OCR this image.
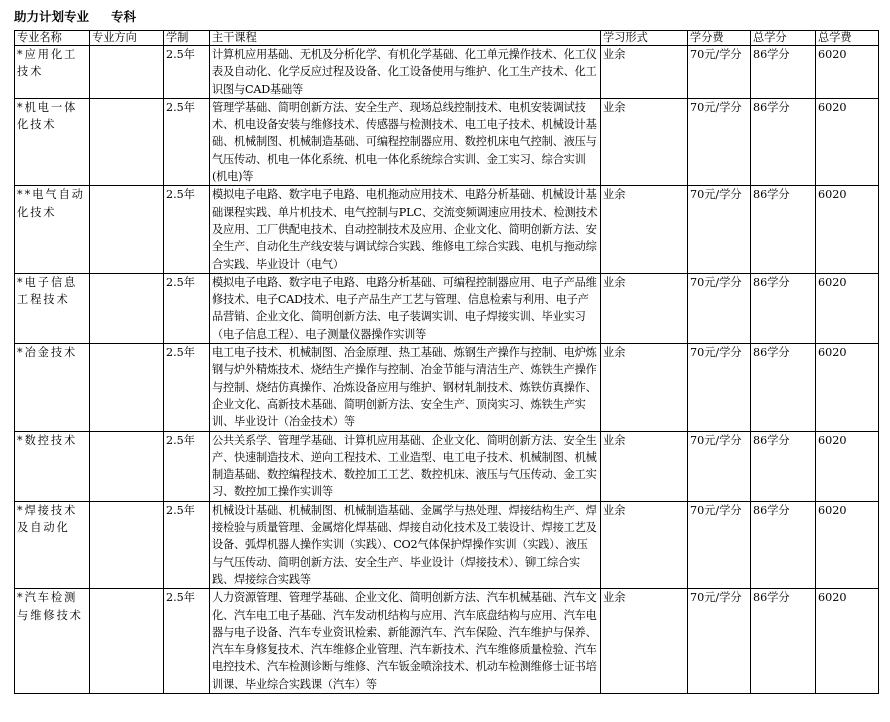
助力计划专业 专科
专业名称	专业方向	学制	主干课程	学习形式	学分费	总学分	总学费
*应用化工技术		2.5年	计算机应用基础、无机及分析化学、有机化学基础、化工单元操作技术、化工仪表及自动化、化学反应过程及设备、化工设备使用与维护、化工生产技术、化工识图与CAD基础等	业余	70元/学分	86学分	6020
*机电一体化技术		2.5年	管理学基础、简明创新方法、安全生产、现场总线控制技术、电机安装调试技术、机电设备安装与维修技术、传感器与检测技术、电工电子技术、机械设计基础、机械制图、机械制造基础、可编程控制器应用、数控机床电气控制、液压与气压传动、机电一体化系统、机电一体化系统综合实训、金工实习、综合实训(机电)等	业余	70元/学分	86学分	6020
**电气自动化技术		2.5年	模拟电子电路、数字电子电路、电机拖动应用技术、电路分析基础、机械设计基础课程实践、单片机技术、电气控制与PLC、交流变频调速应用技术、检测技术及应用、工厂供配电技术、自动控制技术及应用、企业文化、简明创新方法、安全生产、自动化生产线安装与调试综合实践、维修电工综合实践、电机与拖动综合实践、毕业设计（电气）	业余	70元/学分	86学分	6020
*电子信息工程技术		2.5年	模拟电子电路、数字电子电路、电路分析基础、可编程控制器应用、电子产品维修技术、电子CAD技术、电子产品生产工艺与管理、信息检索与利用、电子产品营销、企业文化、简明创新方法、电子装调实训、电子焊接实训、毕业实习（电子信息工程）、电子测量仪器操作实训等	业余	70元/学分	86学分	6020
*冶金技术		2.5年	电工电子技术、机械制图、冶金原理、热工基础、炼钢生产操作与控制、电炉炼钢与炉外精炼技术、烧结生产操作与控制、冶金节能与清洁生产、炼铁生产操作与控制、烧结仿真操作、冶炼设备应用与维护、钢材轧制技术、炼铁仿真操作、企业文化、高新技术基础、简明创新方法、安全生产、顶岗实习、炼铁生产实训、毕业设计（冶金技术）等	业余	70元/学分	86学分	6020
*数控技术		2.5年	公共关系学、管理学基础、计算机应用基础、企业文化、简明创新方法、安全生产、快速制造技术、逆向工程技术、工业造型、电工电子技术、机械制图、机械制造基础、数控编程技术、数控加工工艺、数控机床、液压与气压传动、金工实习、数控加工操作实训等	业余	70元/学分	86学分	6020
*焊接技术及自动化		2.5年	机械设计基础、机械制图、机械制造基础、金属学与热处理、焊接结构生产、焊接检验与质量管理、金属熔化焊基础、焊接自动化技术及工装设计、焊接工艺及设备、弧焊机器人操作实训（实践）、CO2气体保护焊操作实训（实践）、液压与气压传动、简明创新方法、安全生产、毕业设计（焊接技术）、铆工综合实践、焊接综合实践等	业余	70元/学分	86学分	6020
*汽车检测与维修技术		2.5年	人力资源管理、管理学基础、企业文化、简明创新方法、汽车机械基础、汽车文化、汽车电工电子基础、汽车发动机结构与应用、汽车底盘结构与应用、汽车电器与电子设备、汽车专业资讯检索、新能源汽车、汽车保险、汽车维护与保养、汽车车身修复技术、汽车维修企业管理、汽车新技术、汽车维修质量检验、汽车电控技术、汽车检测诊断与维修、汽车钣金喷涂技术、机动车检测维修士证书培训课、毕业综合实践课（汽车）等	业余	70元/学分	86学分	6020
